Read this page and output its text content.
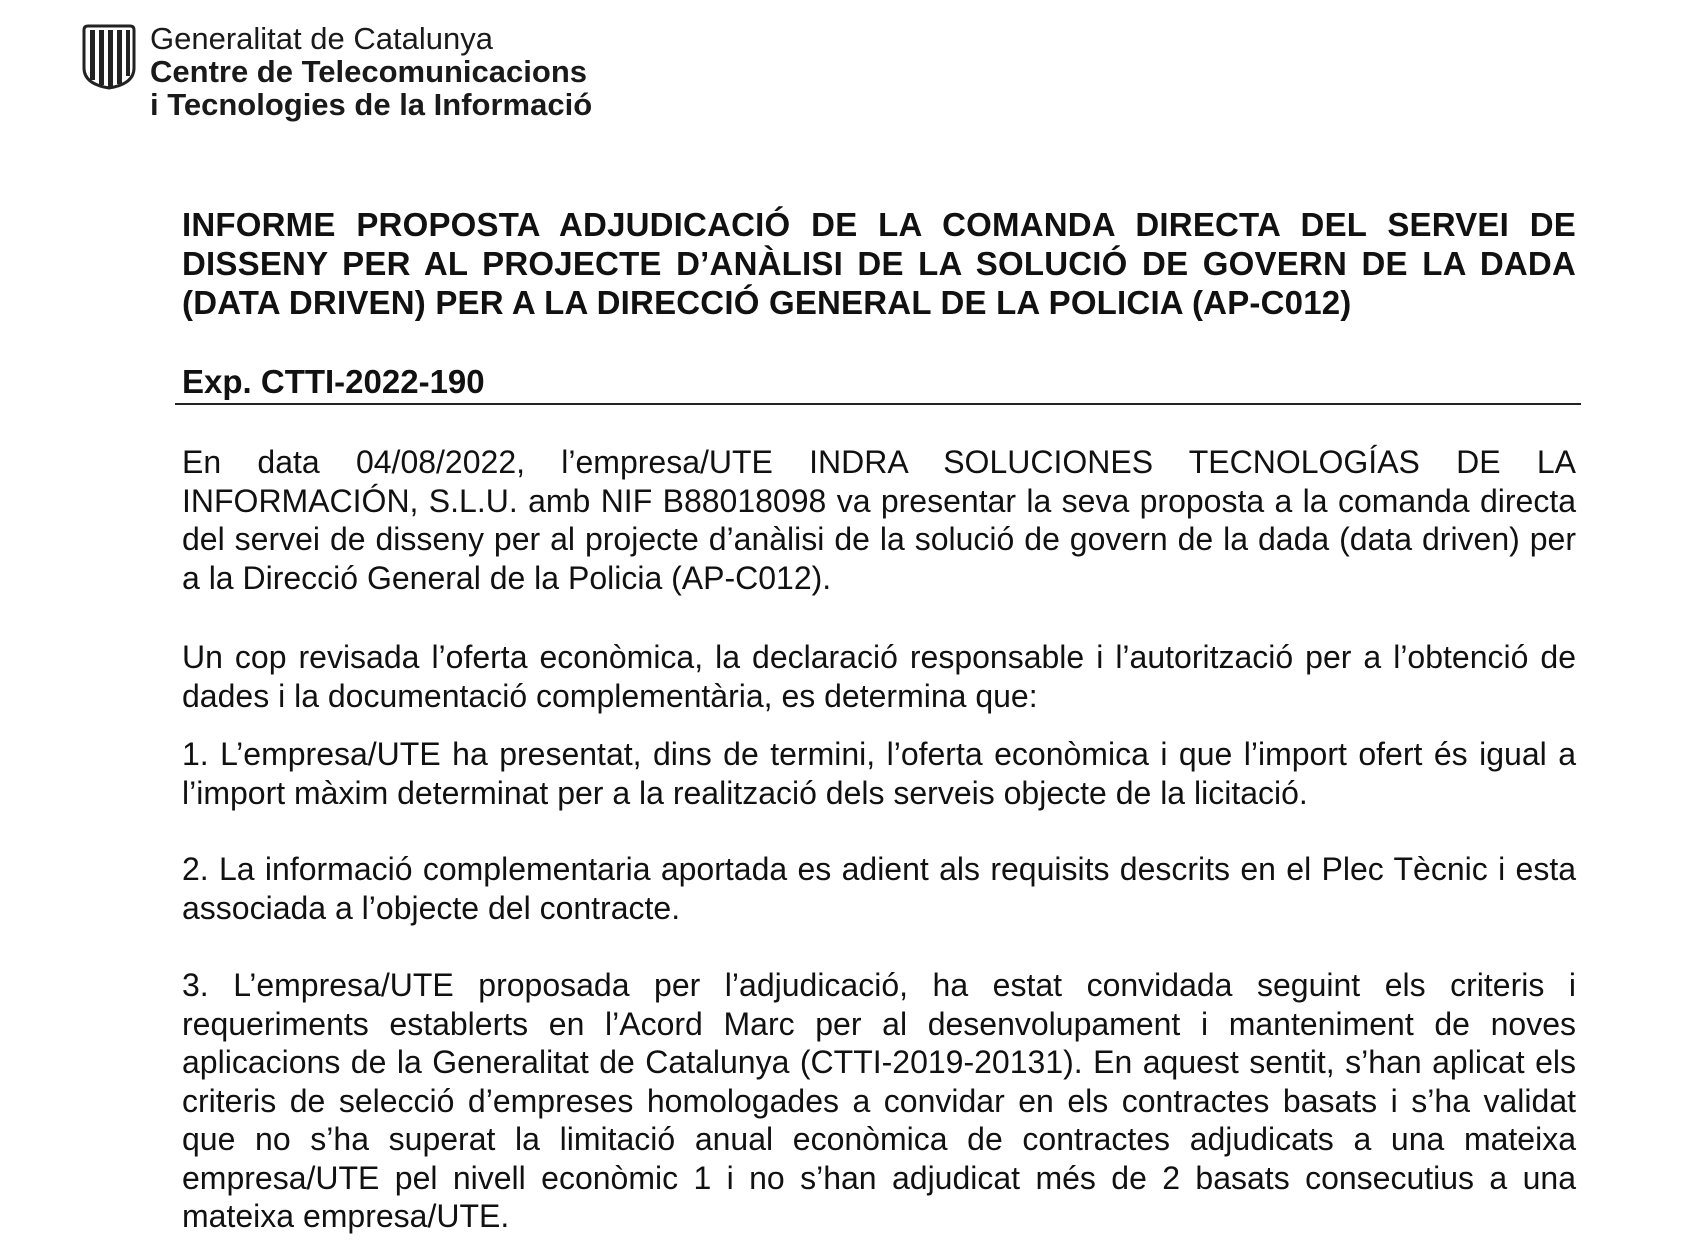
Generalitat de Catalunya
Centre de Telecomunicacions
i Tecnologies de la Informació

INFORME PROPOSTA ADJUDICACIÓ DE LA COMANDA DIRECTA DEL SERVEI DE DISSENY PER AL PROJECTE D’ANÀLISI DE LA SOLUCIÓ DE GOVERN DE LA DADA (DATA DRIVEN) PER A LA DIRECCIÓ GENERAL DE LA POLICIA (AP-C012)

Exp. CTTI-2022-190

En data 04/08/2022, l’empresa/UTE INDRA SOLUCIONES TECNOLOGÍAS DE LA INFORMACIÓN, S.L.U. amb NIF B88018098 va presentar la seva proposta a la comanda directa del servei de disseny per al projecte d’anàlisi de la solució de govern de la dada (data driven) per a la Direcció General de la Policia (AP-C012).

Un cop revisada l’oferta econòmica, la declaració responsable i l’autorització per a l’obtenció de dades i la documentació complementària, es determina que:

1. L’empresa/UTE ha presentat, dins de termini, l’oferta econòmica i que l’import ofert és igual a l’import màxim determinat per a la realització dels serveis objecte de la licitació.

2. La informació complementaria aportada es adient als requisits descrits en el Plec Tècnic i esta associada a l’objecte del contracte.

3. L’empresa/UTE proposada per l’adjudicació, ha estat convidada seguint els criteris i requeriments establerts en l’Acord Marc per al desenvolupament i manteniment de noves aplicacions de la Generalitat de Catalunya (CTTI-2019-20131). En aquest sentit, s’han aplicat els criteris de selecció d’empreses homologades a convidar en els contractes basats i s’ha validat que no s’ha superat la limitació anual econòmica de contractes adjudicats a una mateixa empresa/UTE pel nivell econòmic 1 i no s’han adjudicat més de 2 basats consecutius a una mateixa empresa/UTE.
